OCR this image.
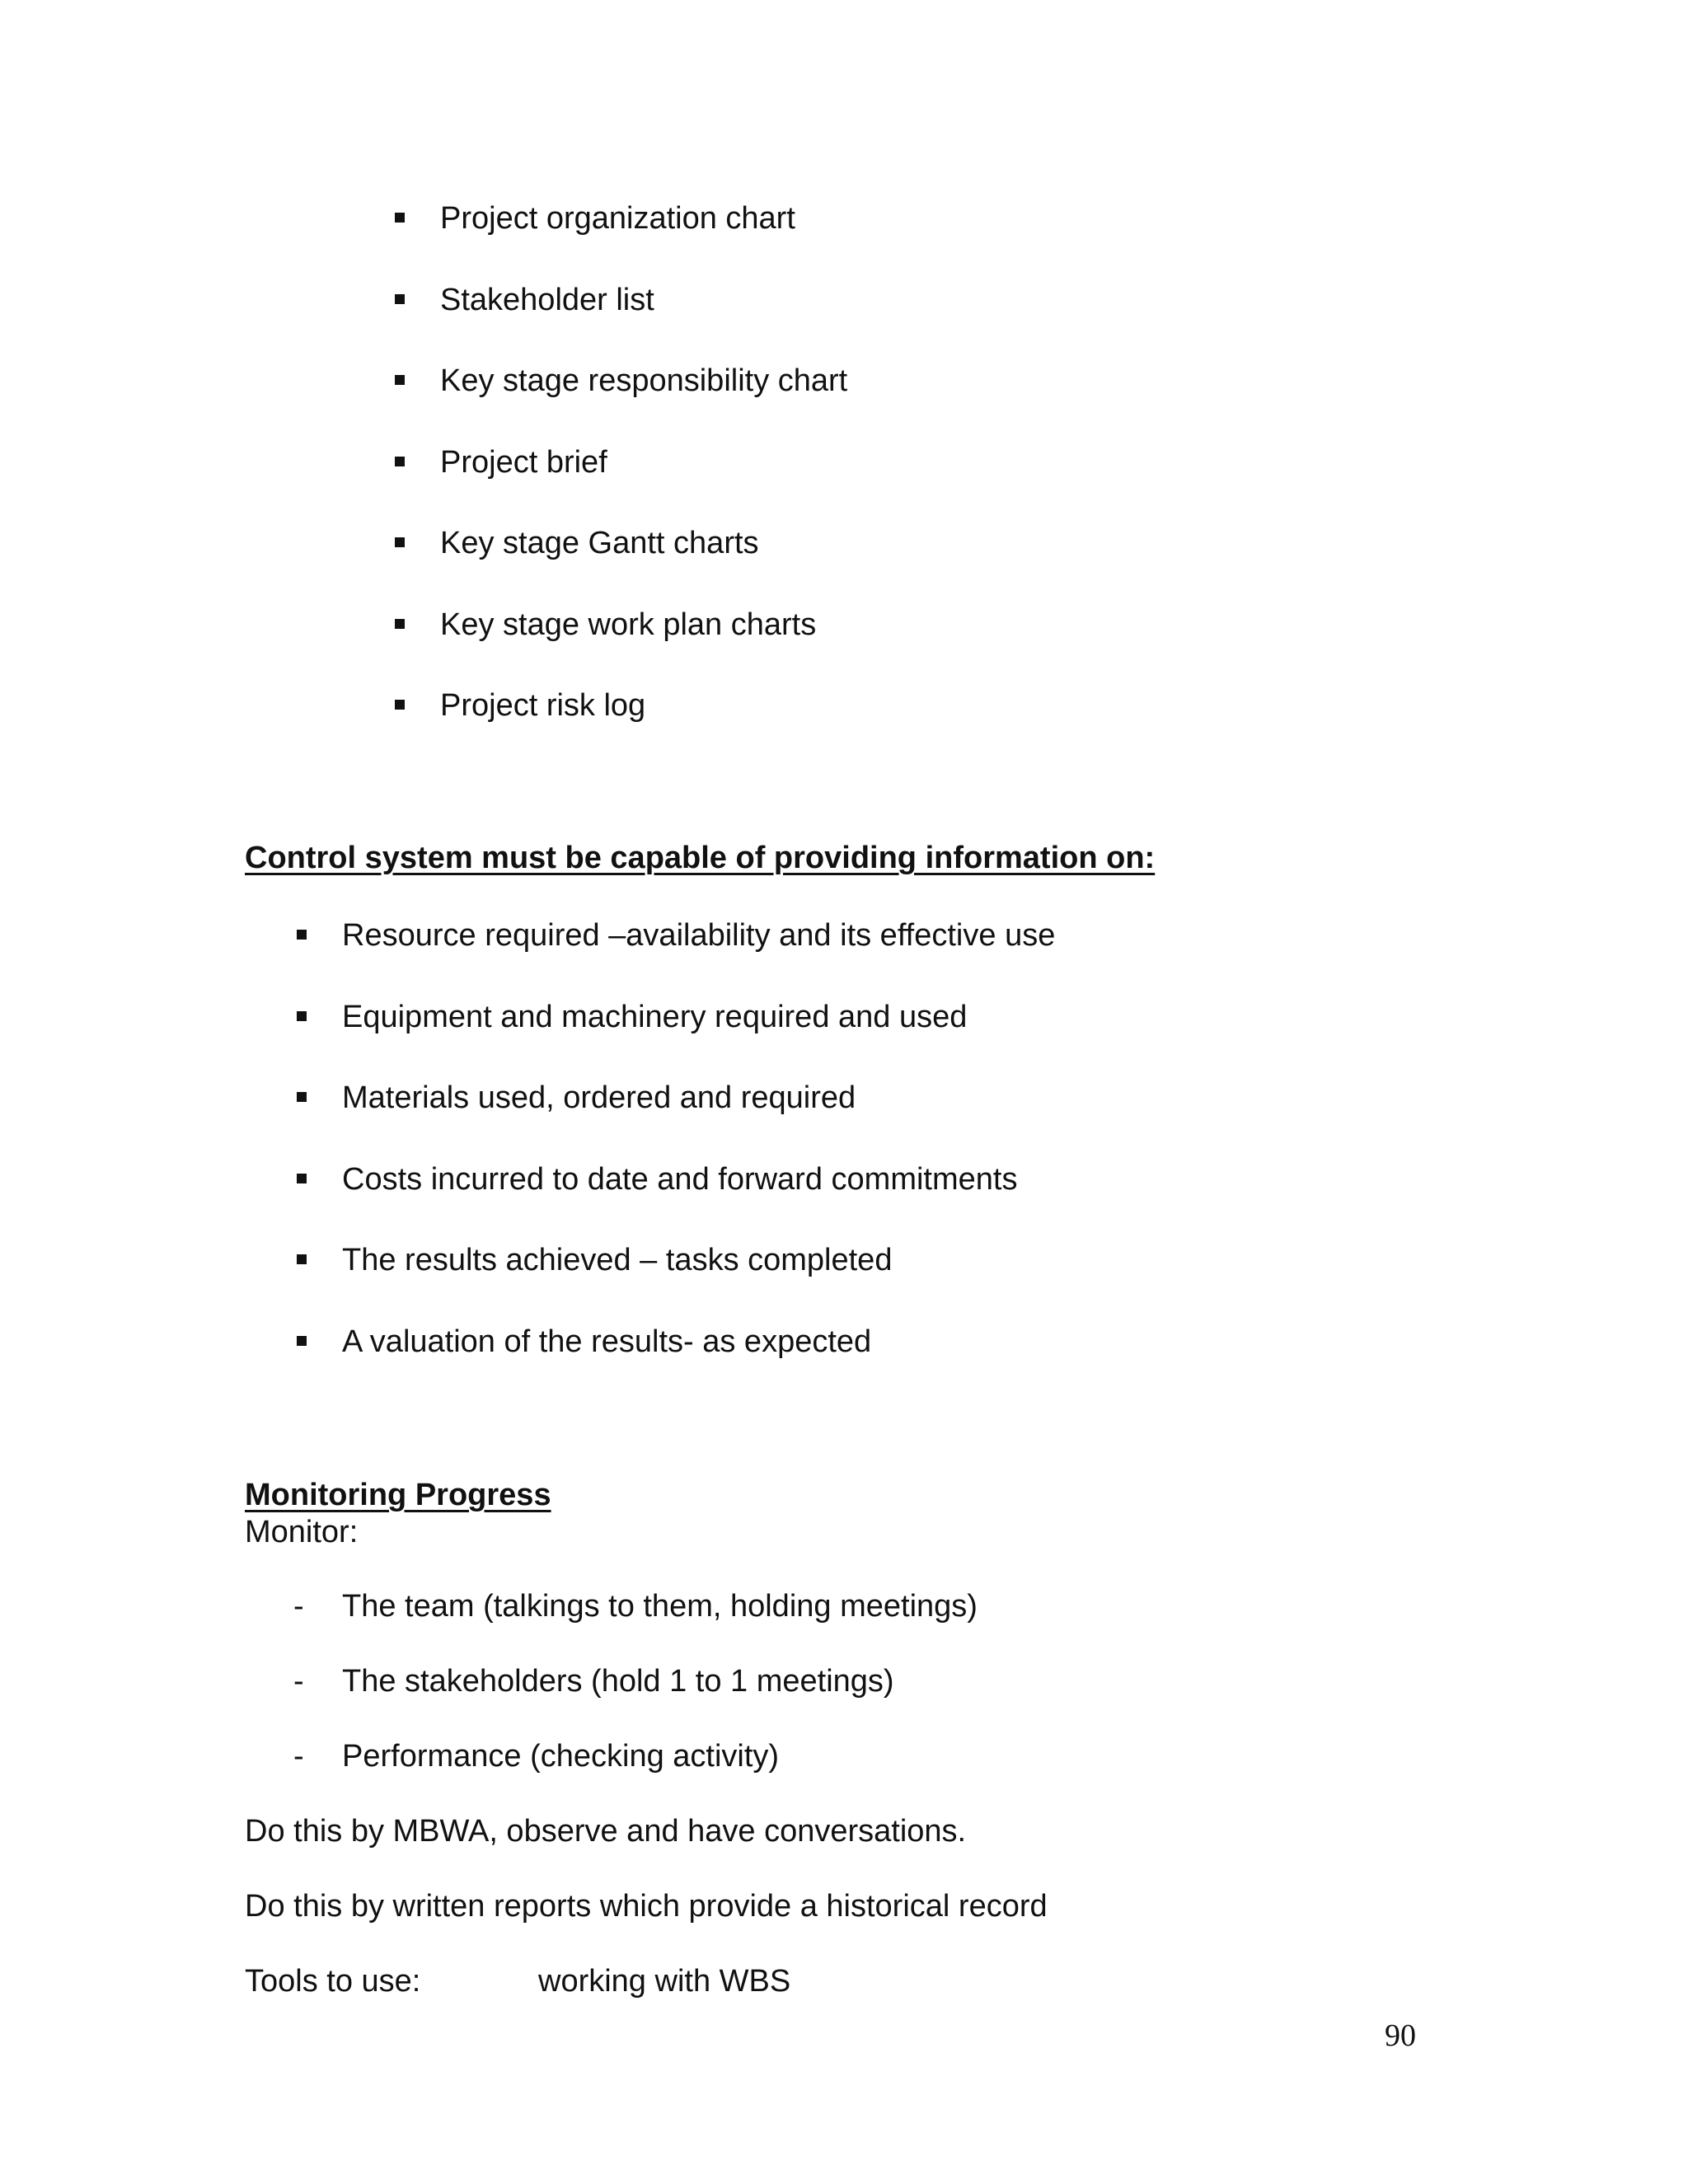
Project organization chart
Stakeholder list
Key stage responsibility chart
Project brief
Key stage Gantt charts
Key stage work plan charts
Project risk log
Control system must be capable of providing information on:
Resource required –availability and its effective use
Equipment and machinery required and used
Materials used, ordered and required
Costs incurred to date and forward commitments
The results achieved – tasks completed
A valuation of the results- as expected
Monitoring Progress
Monitor:
- The team (talkings to them, holding meetings)
- The stakeholders (hold 1 to 1 meetings)
- Performance (checking activity)
Do this by MBWA, observe and have conversations.
Do this by written reports which provide a historical record
Tools to use:	working with WBS
90
